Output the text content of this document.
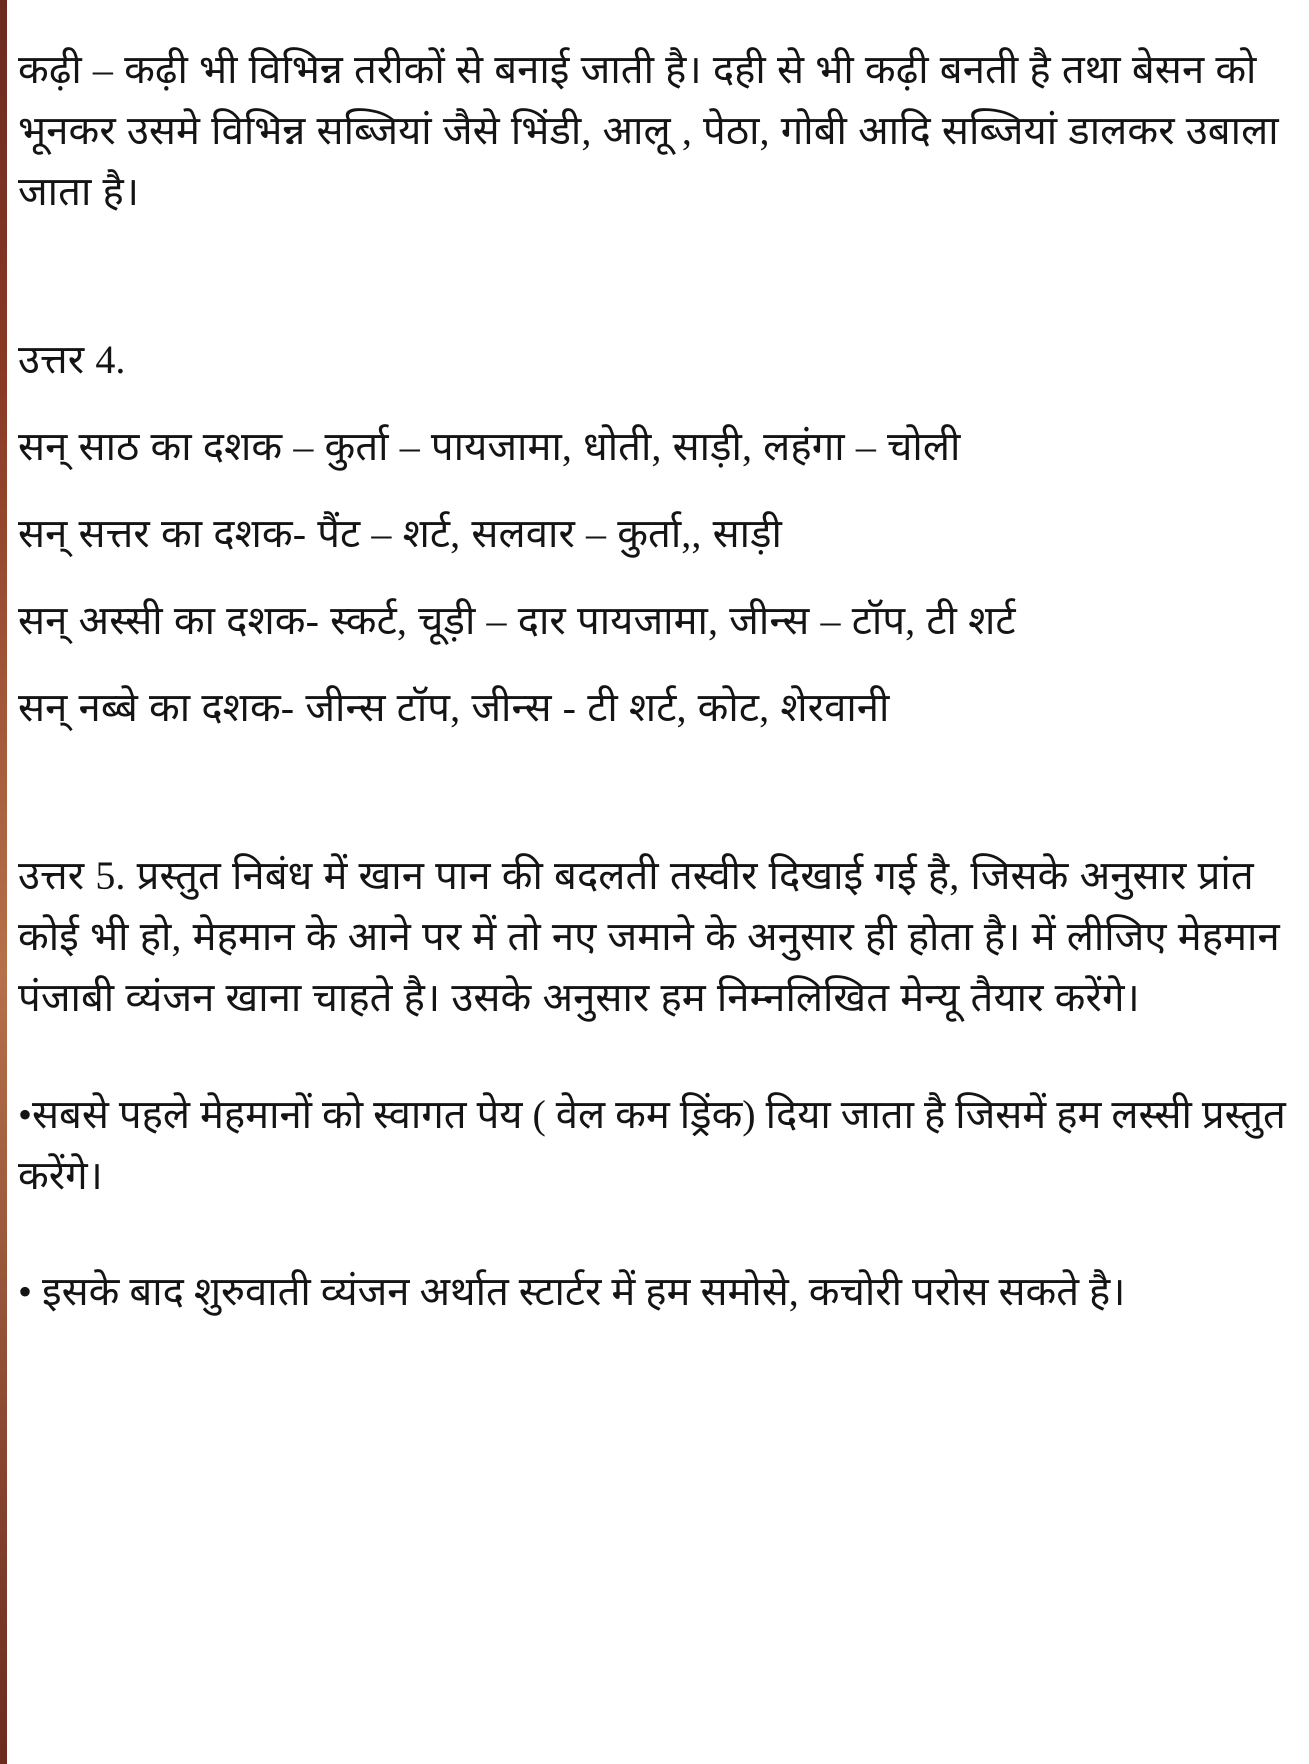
कढ़ी – कढ़ी भी विभिन्न तरीकों से बनाई जाती है। दही से भी कढ़ी बनती है तथा बेसन को भूनकर उसमे विभिन्न सब्जियां जैसे भिंडी, आलू , पेठा, गोबी आदि सब्जियां डालकर उबाला जाता है।

उत्तर 4.

सन् साठ का दशक – कुर्ता – पायजामा, धोती, साड़ी, लहंगा – चोली

सन् सत्तर का दशक- पैंट – शर्ट, सलवार – कुर्ता,, साड़ी

सन् अस्सी का दशक- स्कर्ट, चूड़ी – दार पायजामा, जीन्स – टॉप, टी शर्ट

सन् नब्बे का दशक- जीन्स टॉप, जीन्स - टी शर्ट, कोट, शेरवानी

उत्तर 5. प्रस्तुत निबंध में खान पान की बदलती तस्वीर दिखाई गई है, जिसके अनुसार प्रांत कोई भी हो, मेहमान के आने पर में तो नए जमाने के अनुसार ही होता है। में लीजिए मेहमान पंजाबी व्यंजन खाना चाहते है। उसके अनुसार हम निम्नलिखित मेन्यू तैयार करेंगे।

•सबसे पहले मेहमानों को स्वागत पेय ( वेल कम ड्रिंक) दिया जाता है जिसमें हम लस्सी प्रस्तुत करेंगे।

• इसके बाद शुरुवाती व्यंजन अर्थात स्टार्टर में हम समोसे, कचोरी परोस सकते है।
